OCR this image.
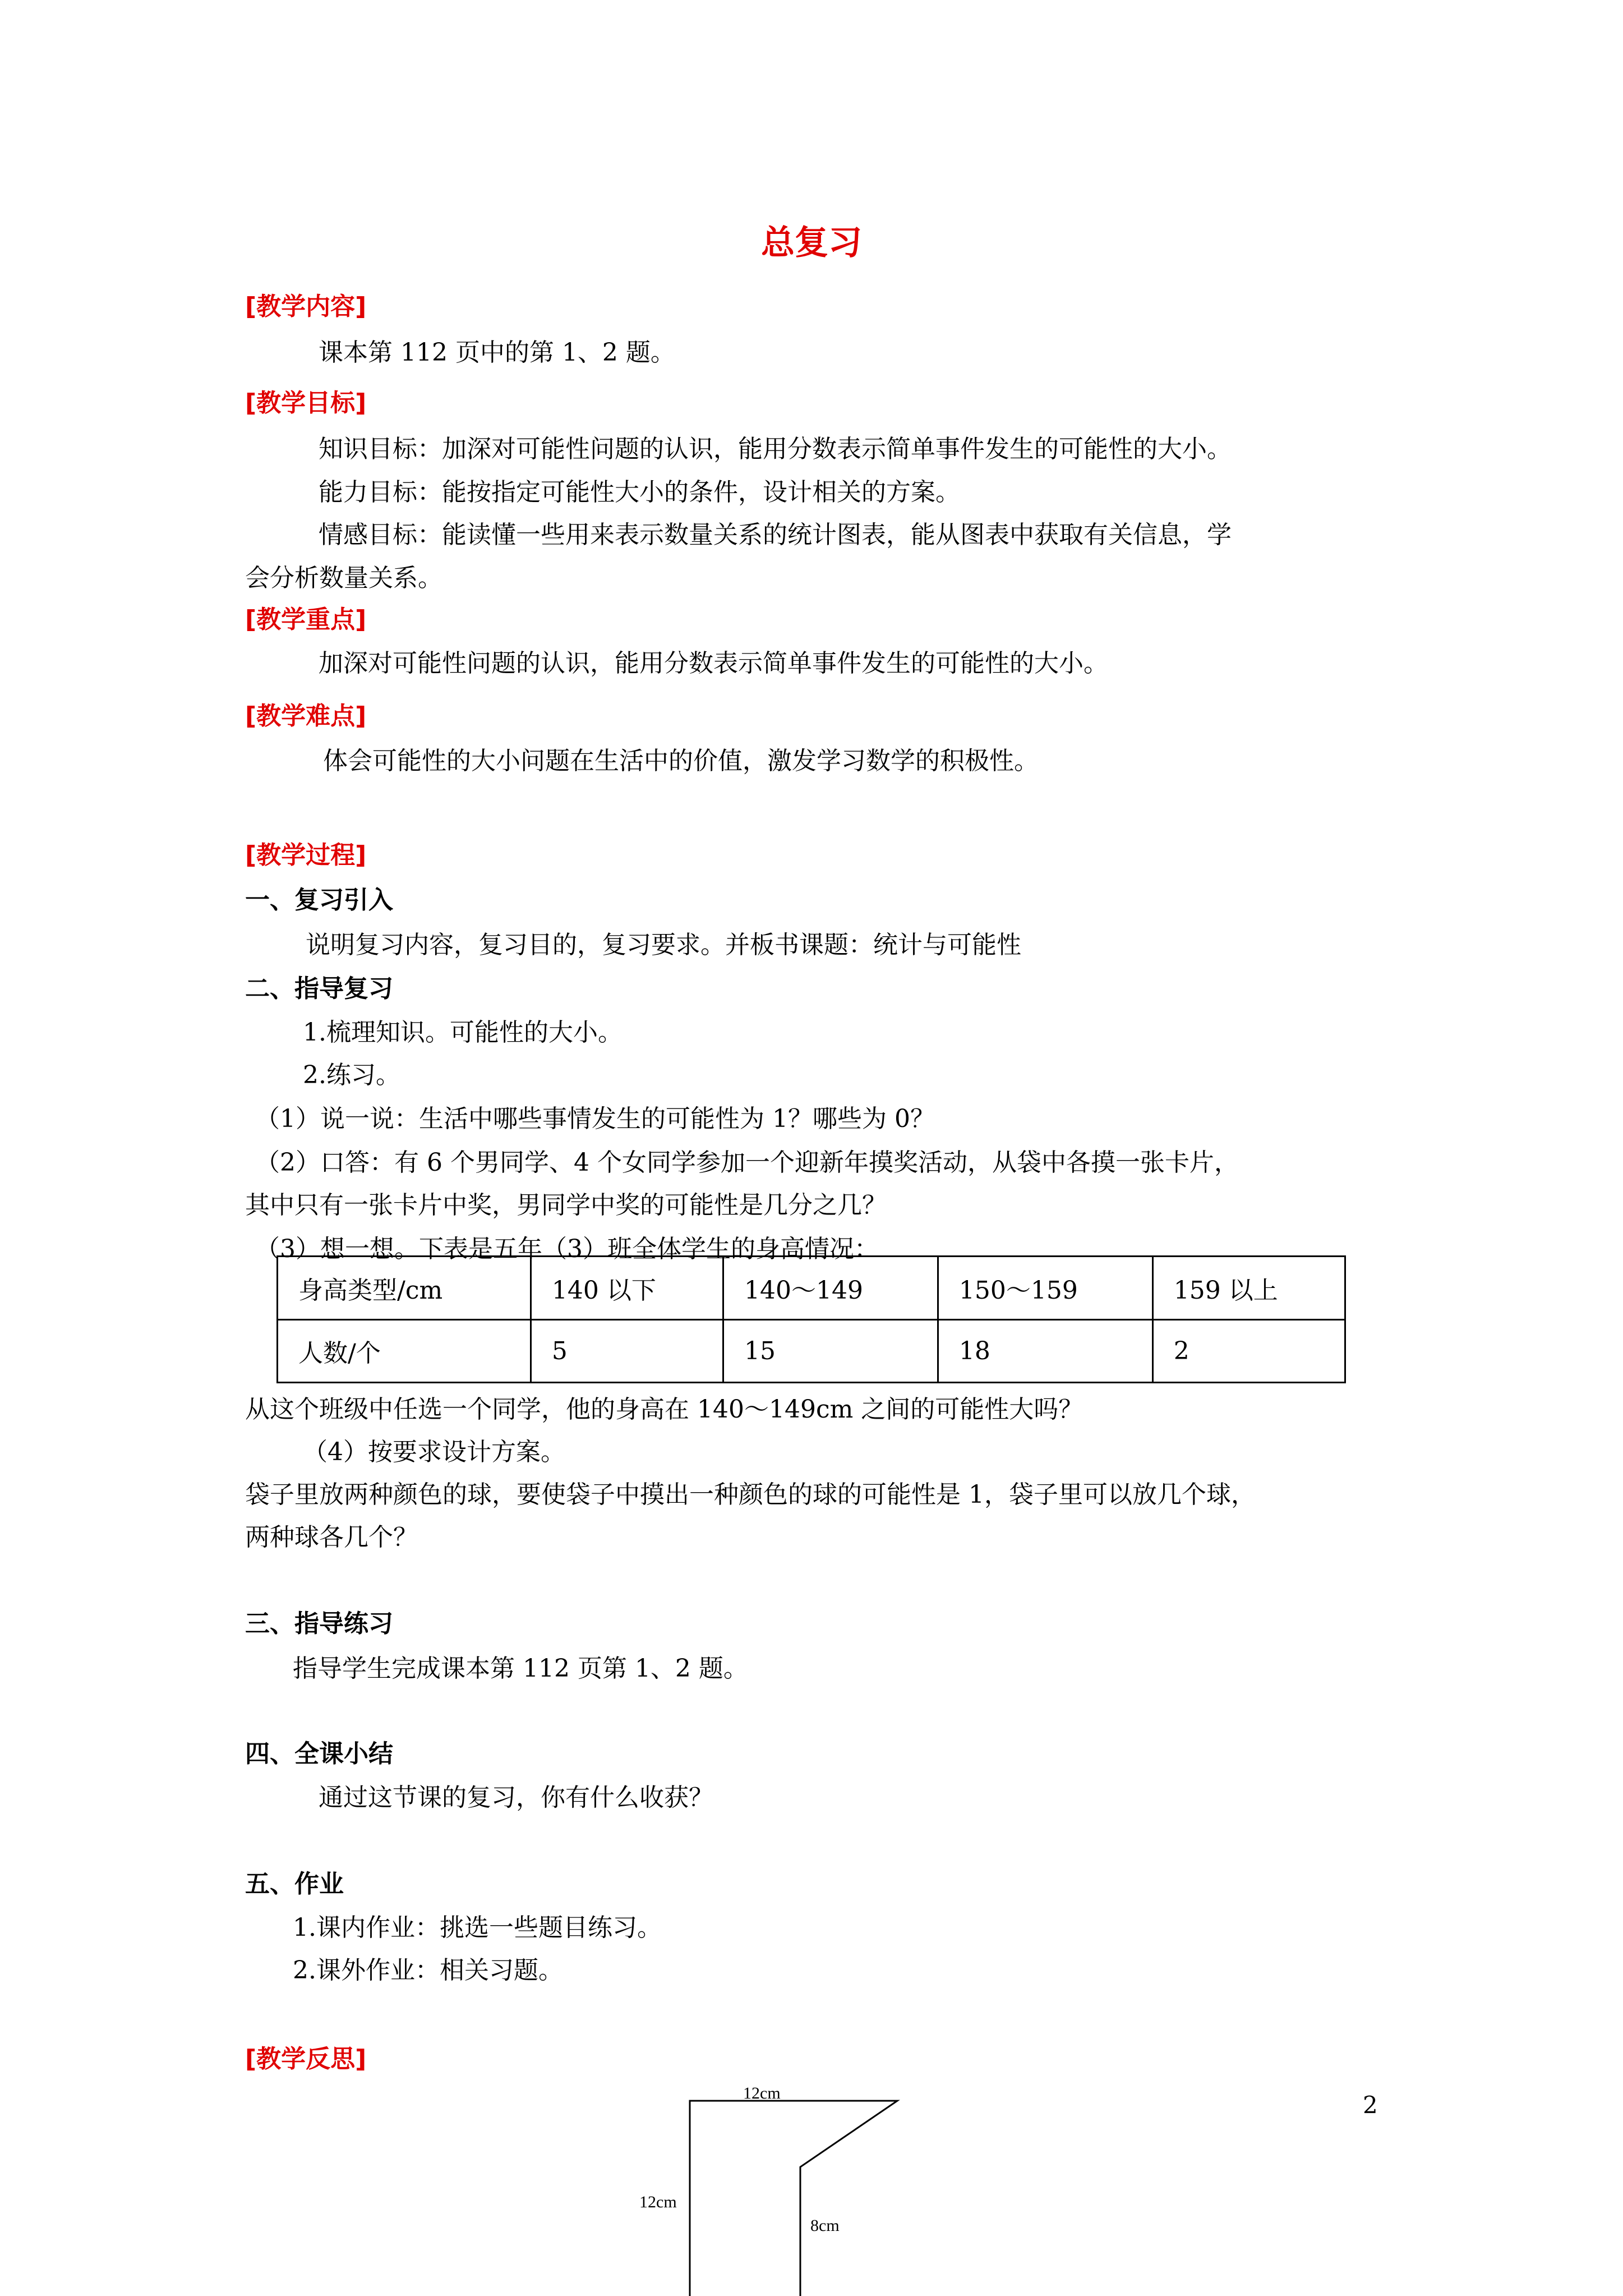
总复习
[教学内容]
课本第 112 页中的第 1、2 题。
[教学目标]
知识目标：加深对可能性问题的认识，能用分数表示简单事件发生的可能性的大小。
能力目标：能按指定可能性大小的条件，设计相关的方案。
情感目标：能读懂一些用来表示数量关系的统计图表，能从图表中获取有关信息，学
会分析数量关系。
[教学重点]
加深对可能性问题的认识，能用分数表示简单事件发生的可能性的大小。
[教学难点]
体会可能性的大小问题在生活中的价值，激发学习数学的积极性。
[教学过程]
一、复习引入
说明复习内容，复习目的，复习要求。并板书课题：统计与可能性
二、指导复习
1.梳理知识。可能性的大小。
2.练习。
（1）说一说：生活中哪些事情发生的可能性为 1？哪些为 0？
（2）口答：有 6 个男同学、4 个女同学参加一个迎新年摸奖活动，从袋中各摸一张卡片，
其中只有一张卡片中奖，男同学中奖的可能性是几分之几？
（3）想一想。下表是五年（3）班全体学生的身高情况：
身高类型/cm	140 以下	140～149	150～159	159 以上
人数/个	5	15	18	2
从这个班级中任选一个同学，他的身高在 140～149cm 之间的可能性大吗？
（4）按要求设计方案。
袋子里放两种颜色的球，要使袋子中摸出一种颜色的球的可能性是 1，袋子里可以放几个球，
两种球各几个？
三、指导练习
指导学生完成课本第 112 页第 1、2 题。
四、全课小结
通过这节课的复习，你有什么收获？
五、作业
1.课内作业：挑选一些题目练习。
2.课外作业：相关习题。
[教学反思]
12cm
12cm
8cm
2
